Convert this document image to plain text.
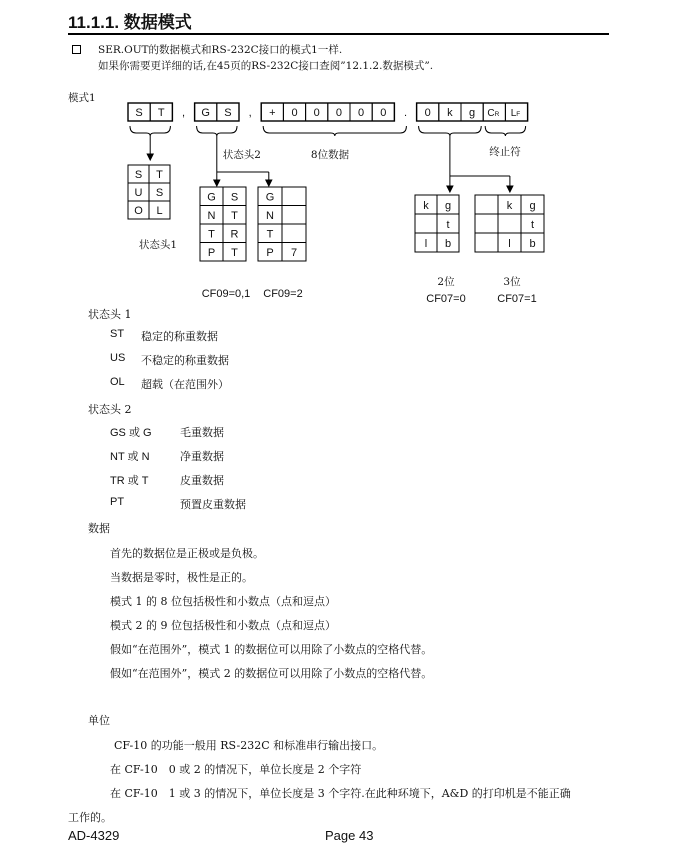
11.1.1. 数据模式
SER.OUT的数据模式和RS-232C接口的模式1一样.
如果你需要更详细的话,在45页的RS-232C接口查阅”12.1.2.数据模式”.
模式1
S T , G S , + 0 0 0 0 0 . 0 k g CR LF
S T
U S
O L
G S
N T
T R
P T
G
N
T
P 7
k g
t
l b
k g
t
l b
状态头2	8位数据	终止符
状态头1
CF09=0,1 CF09=2
2位
CF07=0
3位
CF07=1
状态头 1
ST 稳定的称重数据
US 不稳定的称重数据
OL 超载（在范围外）
状态头 2
GS 或 G	毛重数据
NT 或 N	净重数据
TR 或 T	皮重数据
PT	预置皮重数据
数据
首先的数据位是正极或是负极。
当数据是零时，极性是正的。
模式 1 的 8 位包括极性和小数点（点和逗点）
模式 2 的 9 位包括极性和小数点（点和逗点）
假如“在范围外”，模式 1 的数据位可以用除了小数点的空格代替。
假如“在范围外”，模式 2 的数据位可以用除了小数点的空格代替。
单位
CF-10 的功能一般用 RS-232C 和标准串行输出接口。
在 CF-10　0 或 2 的情况下，单位长度是 2 个字符
在 CF-10　1 或 3 的情况下，单位长度是 3 个字符.在此种环境下，A&D 的打印机是不能正确
工作的。
AD-4329	Page 43
